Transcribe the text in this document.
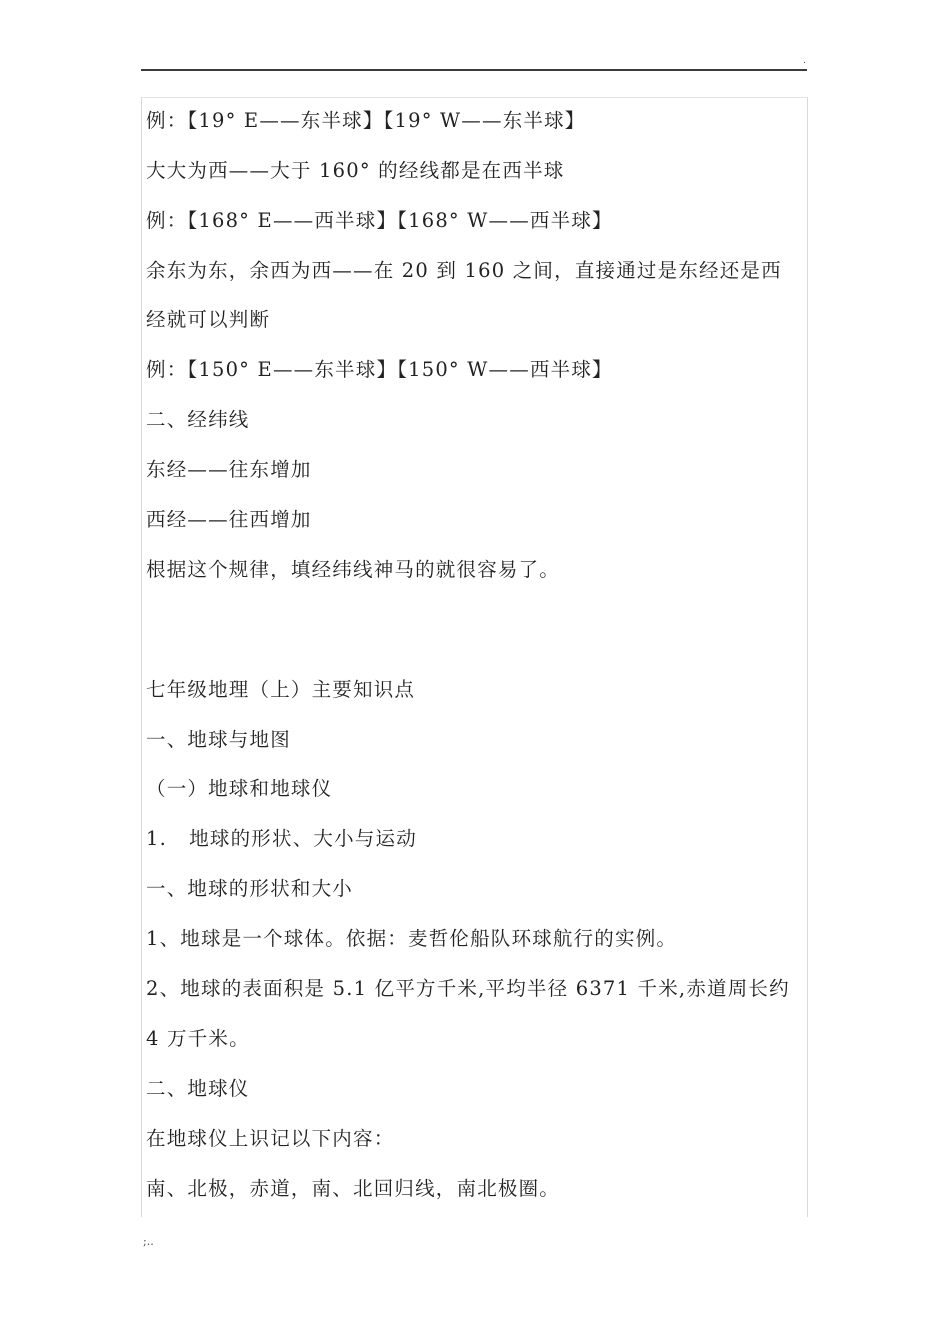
.
例：【19° E——东半球】【19° W——东半球】
大大为西——大于 160° 的经线都是在西半球
例：【168° E——西半球】【168° W——西半球】
余东为东，余西为西——在 20 到 160 之间，直接通过是东经还是西
经就可以判断
例：【150° E——东半球】【150° W——西半球】
二、经纬线
东经——往东增加
西经——往西增加
根据这个规律，填经纬线神马的就很容易了。
七年级地理（上）主要知识点
一、地球与地图
（一）地球和地球仪
1.   地球的形状、大小与运动
一、地球的形状和大小
1、地球是一个球体。依据：麦哲伦船队环球航行的实例。
2、地球的表面积是 5.1 亿平方千米,平均半径 6371 千米,赤道周长约
4 万千米。
二、地球仪
在地球仪上识记以下内容：
南、北极，赤道，南、北回归线，南北极圈。
;..
